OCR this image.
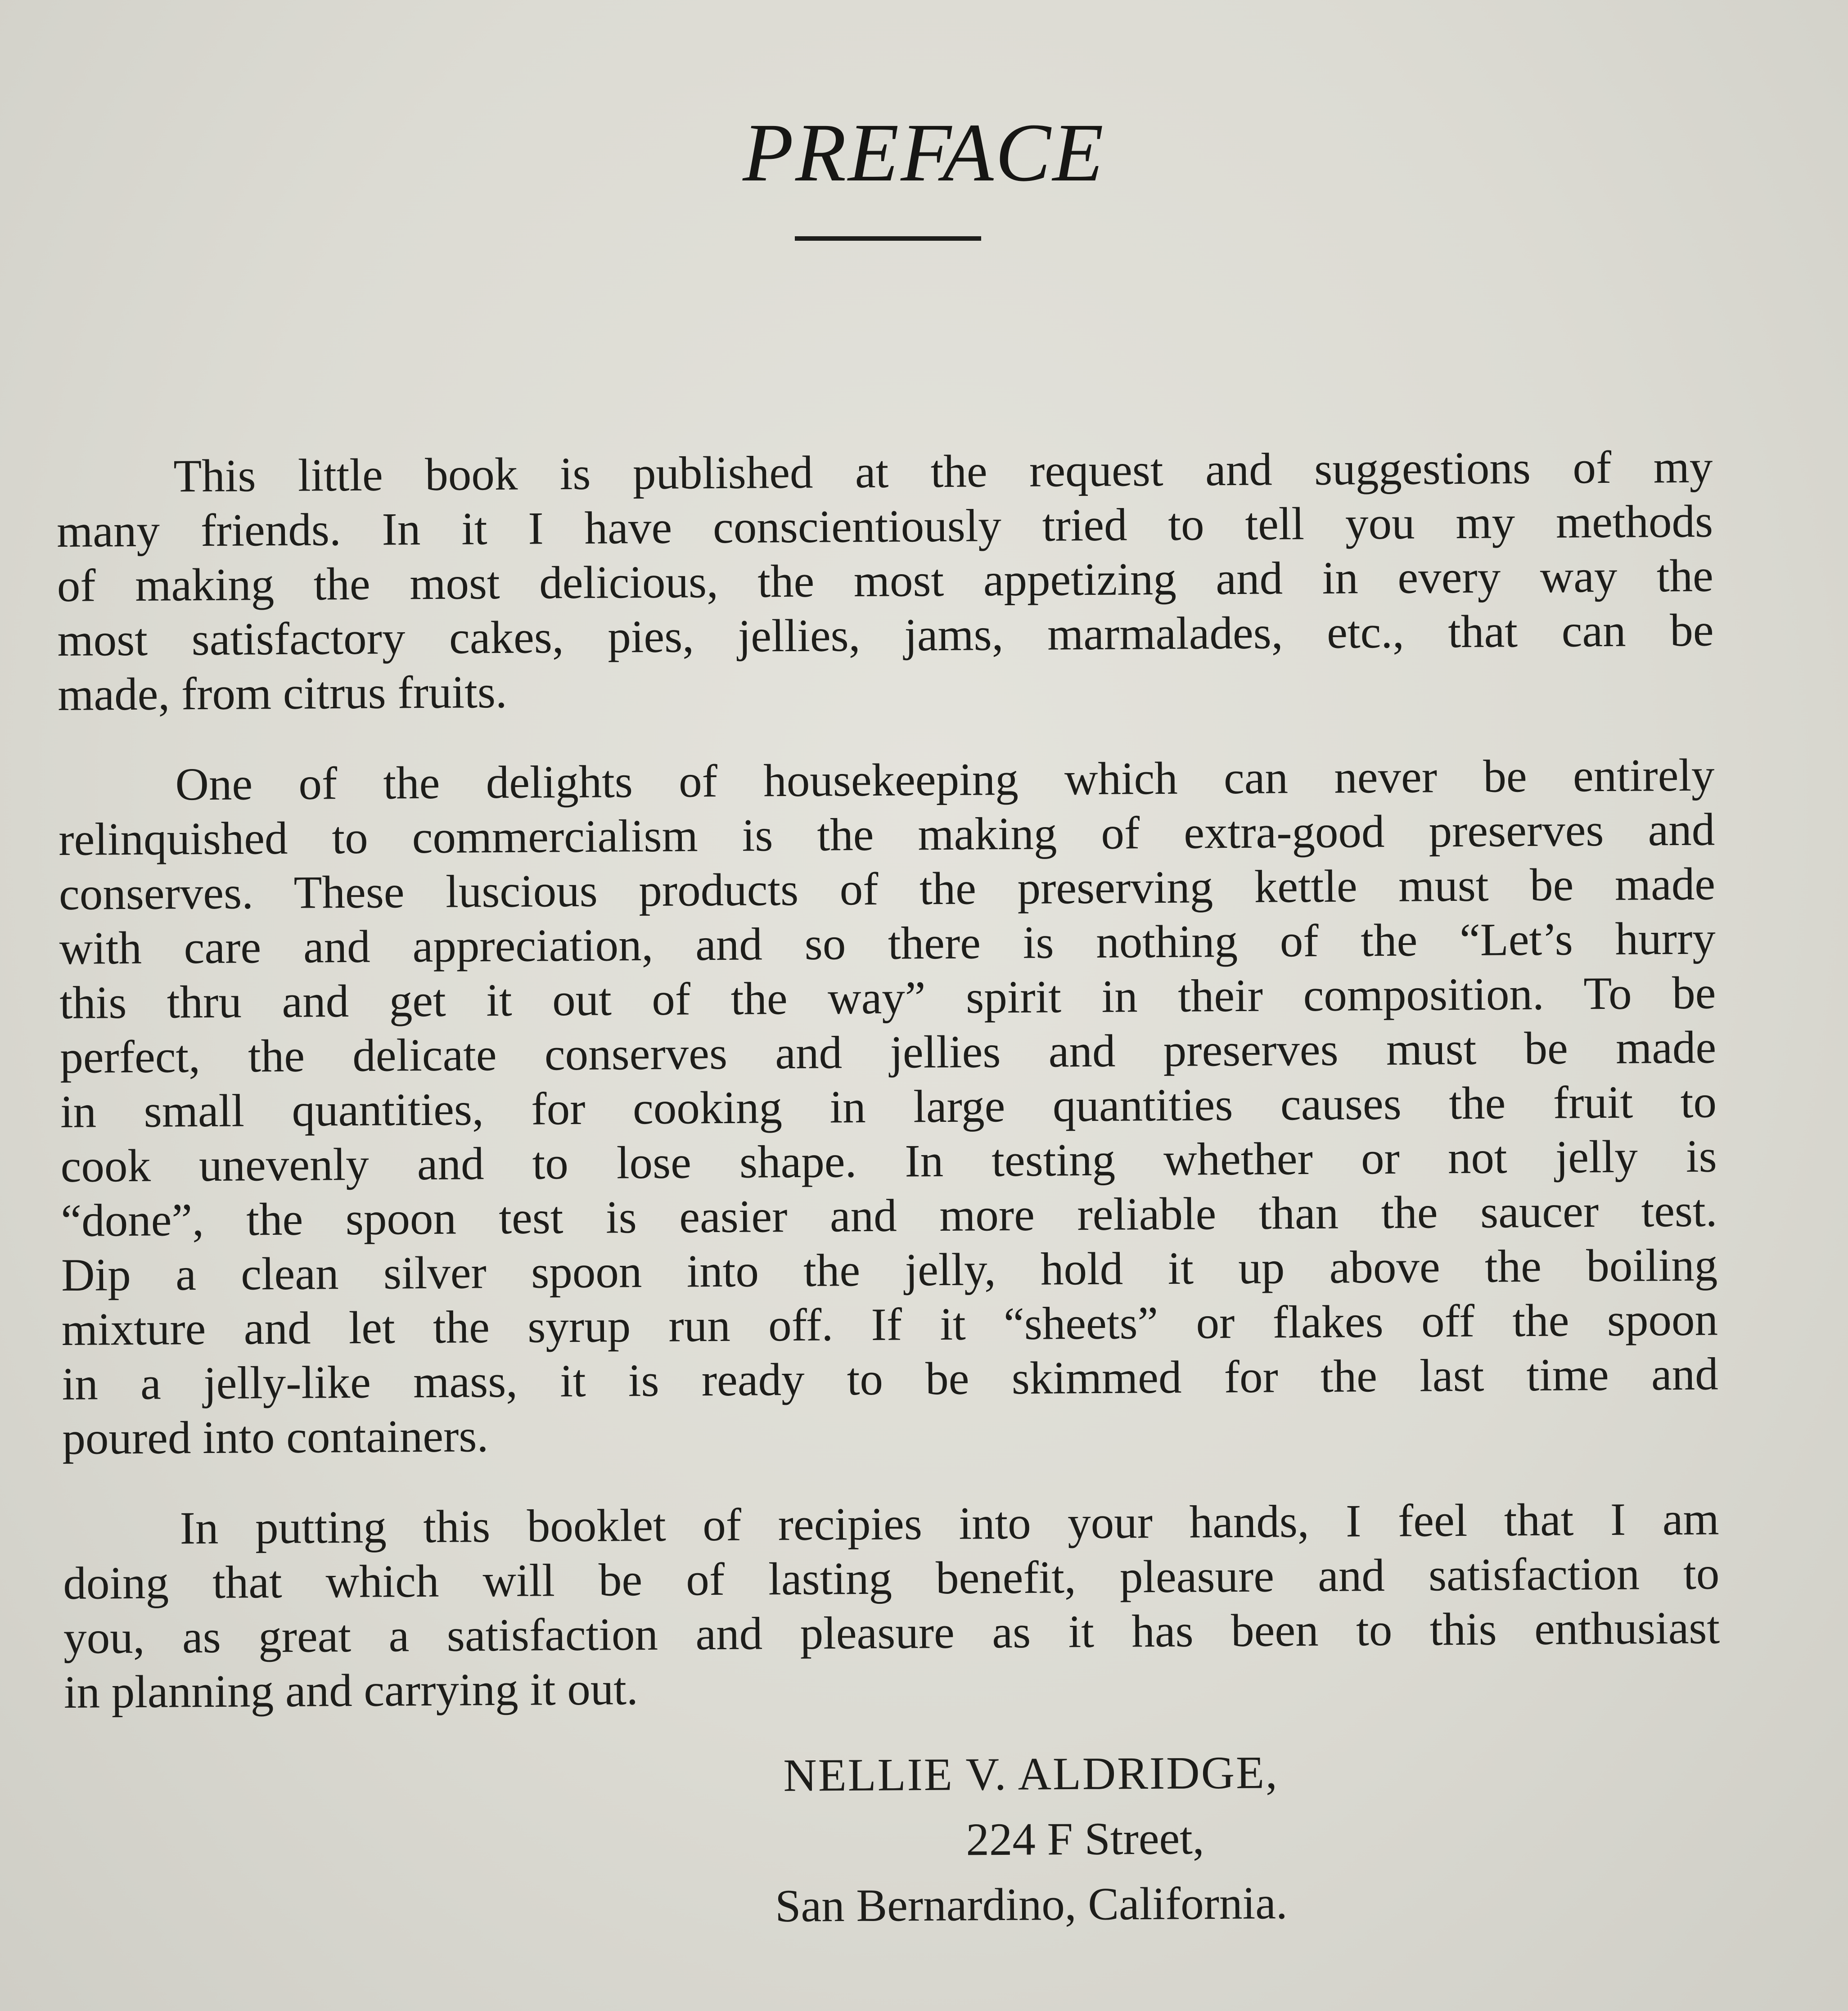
PREFACE

This little book is published at the request and suggestions of my
many friends. In it I have conscientiously tried to tell you my methods
of making the most delicious, the most appetizing and in every way the
most satisfactory cakes, pies, jellies, jams, marmalades, etc., that can be
made, from citrus fruits.

One of the delights of housekeeping which can never be entirely
relinquished to commercialism is the making of extra-good preserves and
conserves. These luscious products of the preserving kettle must be made
with care and appreciation, and so there is nothing of the “Let’s hurry
this thru and get it out of the way” spirit in their composition. To be
perfect, the delicate conserves and jellies and preserves must be made
in small quantities, for cooking in large quantities causes the fruit to
cook unevenly and to lose shape. In testing whether or not jelly is
“done”, the spoon test is easier and more reliable than the saucer test.
Dip a clean silver spoon into the jelly, hold it up above the boiling
mixture and let the syrup run off. If it “sheets” or flakes off the spoon
in a jelly-like mass, it is ready to be skimmed for the last time and
poured into containers.

In putting this booklet of recipies into your hands, I feel that I am
doing that which will be of lasting benefit, pleasure and satisfaction to
you, as great a satisfaction and pleasure as it has been to this enthusiast
in planning and carrying it out.

NELLIE V. ALDRIDGE,
224 F Street,
San Bernardino, California.
